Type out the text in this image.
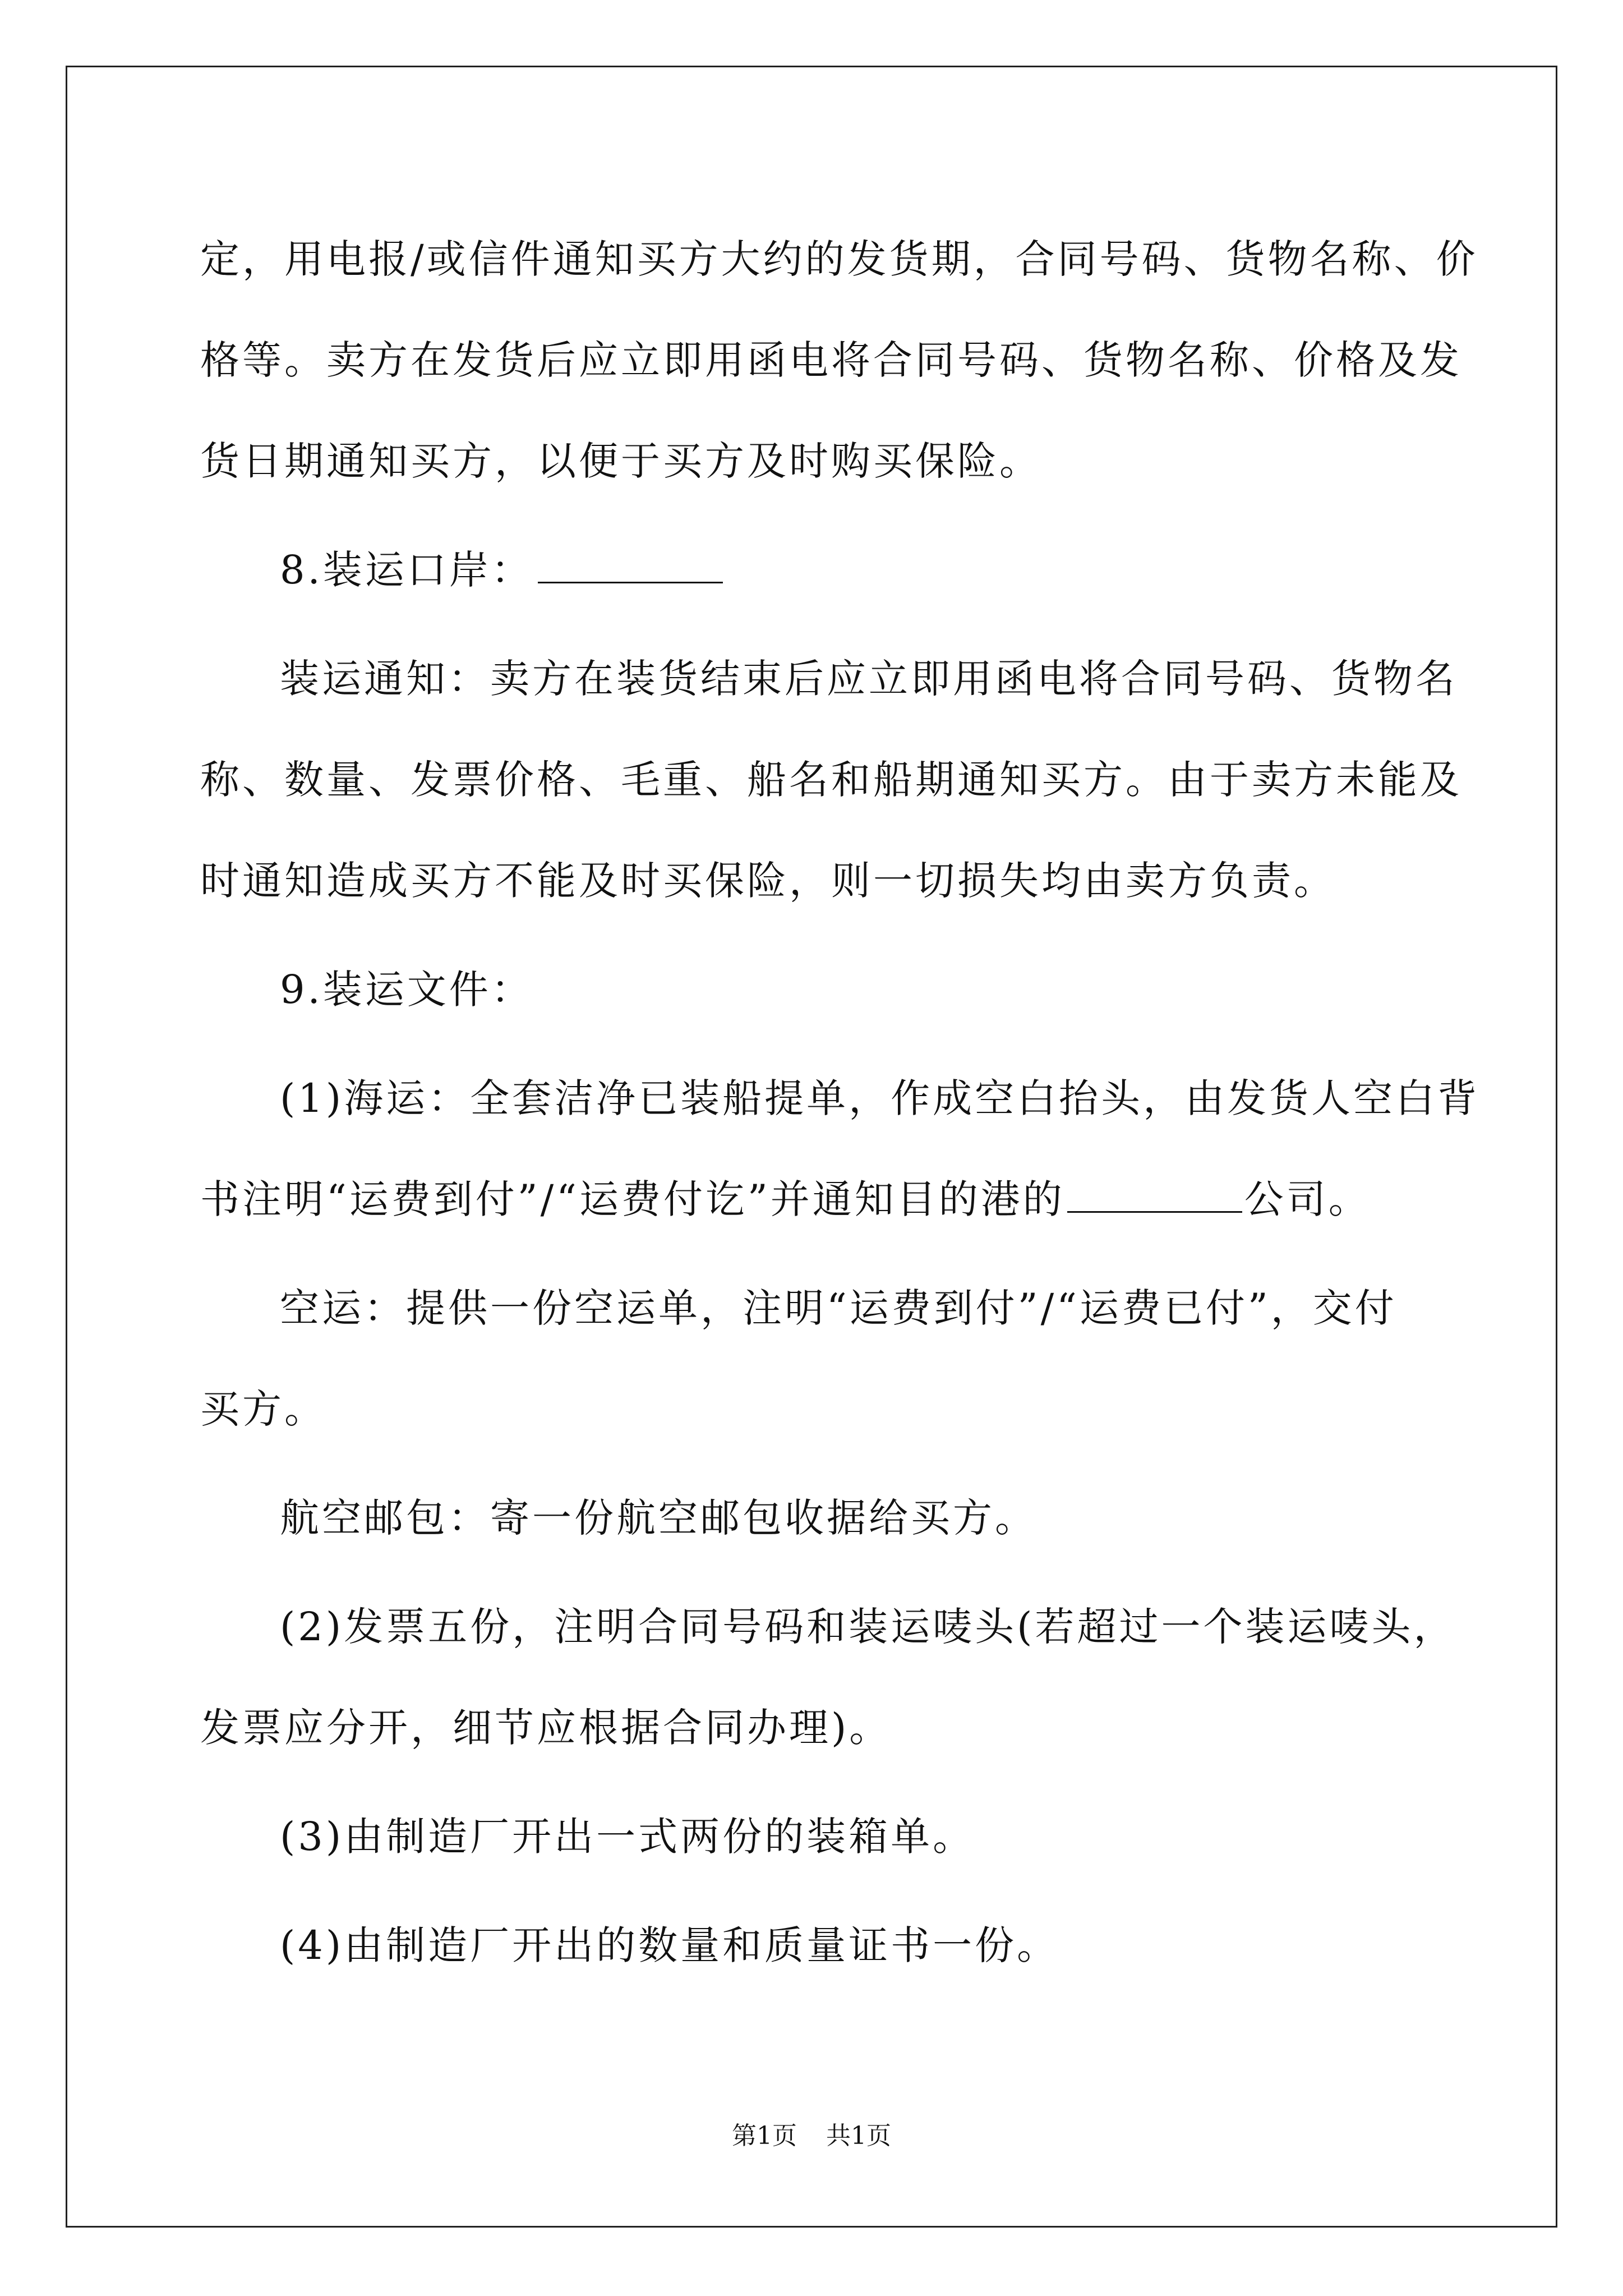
定，用电报/或信件通知买方大约的发货期，合同号码、货物名称、价

格等。卖方在发货后应立即用函电将合同号码、货物名称、价格及发

货日期通知买方，以便于买方及时购买保险。

8.装运口岸：

装运通知：卖方在装货结束后应立即用函电将合同号码、货物名

称、数量、发票价格、毛重、船名和船期通知买方。由于卖方未能及

时通知造成买方不能及时买保险，则一切损失均由卖方负责。

9.装运文件：

(1)海运：全套洁净已装船提单，作成空白抬头，由发货人空白背

书注明“运费到付”/“运费付讫”并通知目的港的	公司。

空运：提供一份空运单，注明“运费到付”/“运费已付”，交付

买方。

航空邮包：寄一份航空邮包收据给买方。

(2)发票五份，注明合同号码和装运唛头(若超过一个装运唛头，

发票应分开，细节应根据合同办理)。

(3)由制造厂开出一式两份的装箱单。

(4)由制造厂开出的数量和质量证书一份。

第1页 共1页
